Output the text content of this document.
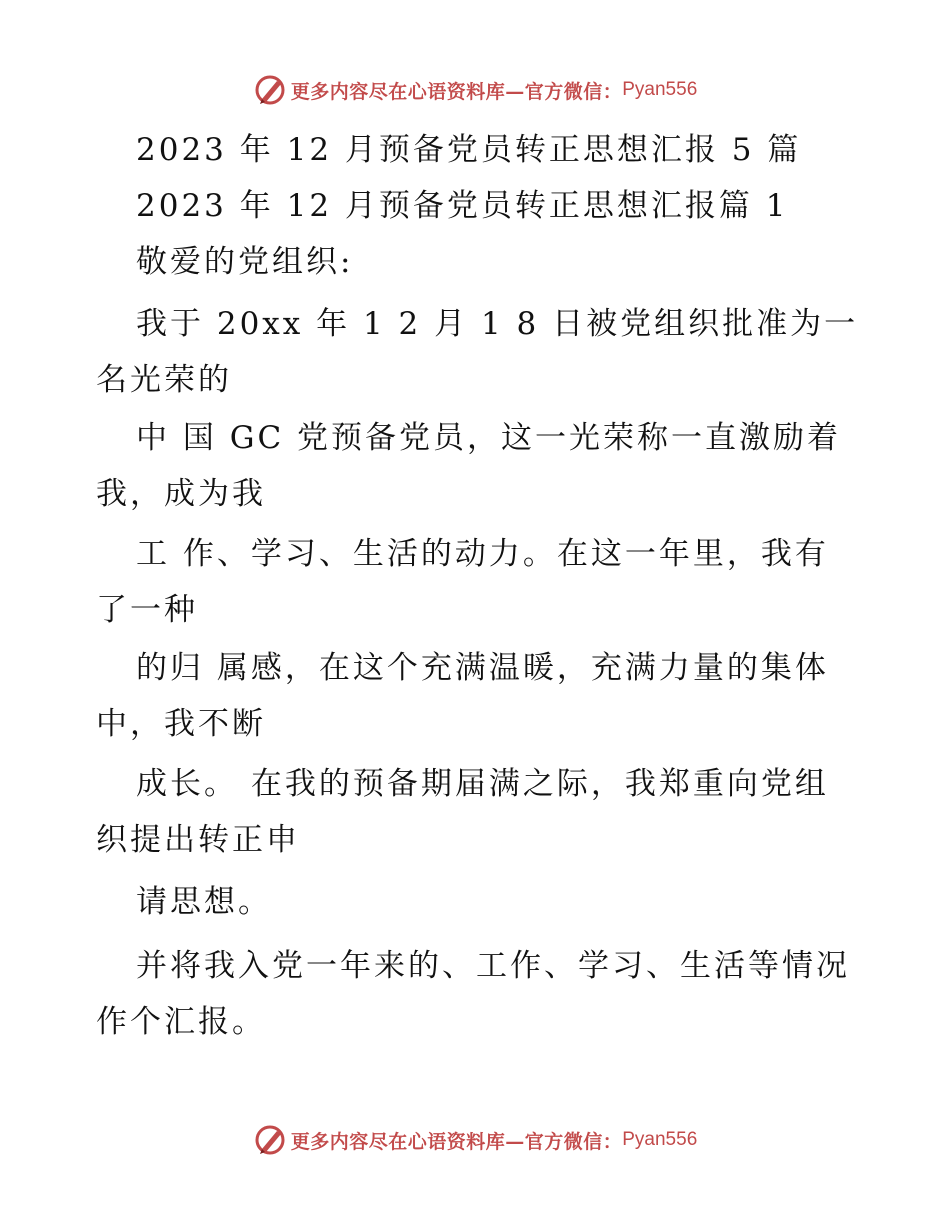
更多内容尽在心语资料库—官方微信： Pyan556
2023 年 12 月预备党员转正思想汇报 5 篇
2023 年 12 月预备党员转正思想汇报篇 1
敬爱的党组织:
我于 20xx 年 1 2 月 1 8 日被党组织批准为一
名光荣的
中 国 GC 党预备党员，这一光荣称一直激励着
我，成为我
工 作、学习、生活的动力。在这一年里，我有
了一种
的归 属感，在这个充满温暖，充满力量的集体
中，我不断
成长。 在我的预备期届满之际，我郑重向党组
织提出转正申
请思想。
并将我入党一年来的、工作、学习、生活等情况
作个汇报。
更多内容尽在心语资料库—官方微信： Pyan556
